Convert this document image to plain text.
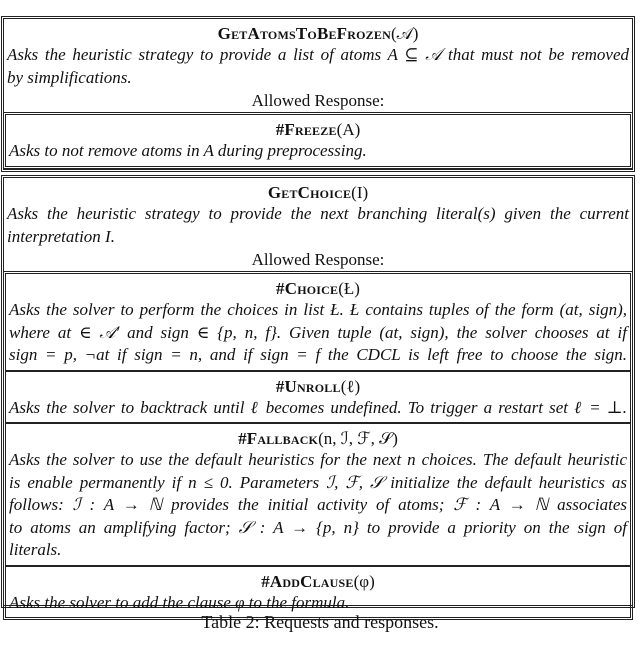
GetAtomsToBeFrozen(𝒜)
Asks the heuristic strategy to provide a list of atoms A ⊆ 𝒜 that must not be removed
by simplifications.
Allowed Response:
#Freeze(A)
Asks to not remove atoms in A during preprocessing.
GetChoice(I)
Asks the heuristic strategy to provide the next branching literal(s) given the current
interpretation I.
Allowed Response:
#Choice(Ł)
Asks the solver to perform the choices in list Ł. Ł contains tuples of the form (at, sign),
where at ∈ 𝒜′ and sign ∈ {p, n, f}. Given tuple (at, sign), the solver chooses at if
sign = p, ¬at if sign = n, and if sign = f the CDCL is left free to choose the sign.
#Unroll(ℓ)
Asks the solver to backtrack until ℓ becomes undefined. To trigger a restart set ℓ = ⊥.
#Fallback(n, ℐ, ℱ, 𝒮)
Asks the solver to use the default heuristics for the next n choices. The default heuristic
is enable permanently if n ≤ 0. Parameters ℐ, ℱ, 𝒮 initialize the default heuristics as
follows: ℐ : A → ℕ provides the initial activity of atoms; ℱ : A → ℕ associates
to atoms an amplifying factor; 𝒮 : A → {p, n} to provide a priority on the sign of
literals.
#AddClause(φ)
Asks the solver to add the clause φ to the formula.
Table 2: Requests and responses.
